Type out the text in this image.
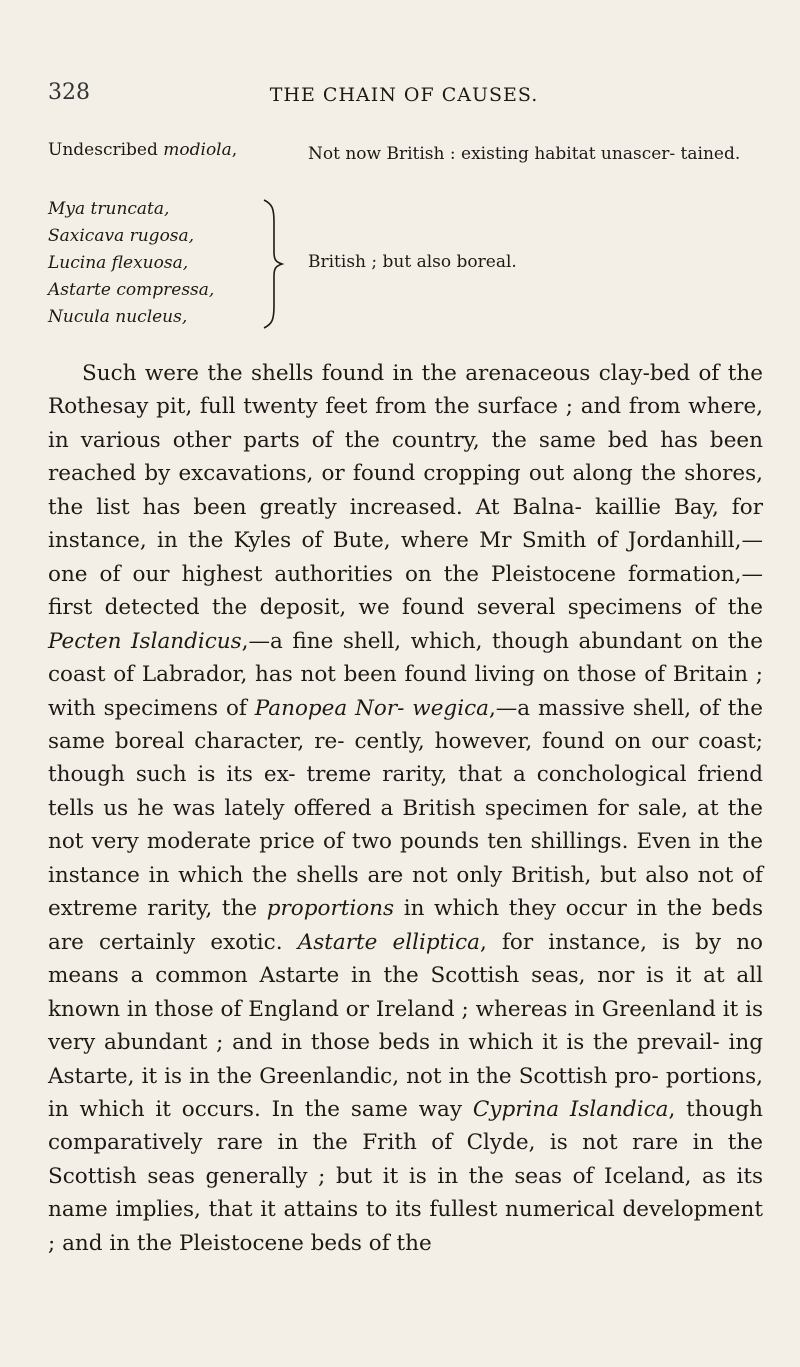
328	THE CHAIN OF CAUSES.
Undescribed modiola,	Not now British : existing habitat unascer- tained.
Mya truncata,
Saxicava rugosa,
Lucina flexuosa,
Astarte compressa,
Nucula nucleus,
British ; but also boreal.

Such were the shells found in the arenaceous clay-bed of the Rothesay pit, full twenty feet from the surface ; and from where, in various other parts of the country, the same bed has been reached by excavations, or found cropping out along the shores, the list has been greatly increased. At Balna- kaillie Bay, for instance, in the Kyles of Bute, where Mr Smith of Jordanhill,—one of our highest authorities on the Pleistocene formation,—first detected the deposit, we found several specimens of the Pecten Islandicus,—a fine shell, which, though abundant on the coast of Labrador, has not been found living on those of Britain ; with specimens of Panopea Nor- wegica,—a massive shell, of the same boreal character, re- cently, however, found on our coast; though such is its ex- treme rarity, that a conchological friend tells us he was lately offered a British specimen for sale, at the not very moderate price of two pounds ten shillings. Even in the instance in which the shells are not only British, but also not of extreme rarity, the proportions in which they occur in the beds are certainly exotic. Astarte elliptica, for instance, is by no means a common Astarte in the Scottish seas, nor is it at all known in those of England or Ireland ; whereas in Greenland it is very abundant ; and in those beds in which it is the prevail- ing Astarte, it is in the Greenlandic, not in the Scottish pro- portions, in which it occurs. In the same way Cyprina Islandica, though comparatively rare in the Frith of Clyde, is not rare in the Scottish seas generally ; but it is in the seas of Iceland, as its name implies, that it attains to its fullest numerical development ; and in the Pleistocene beds of the
